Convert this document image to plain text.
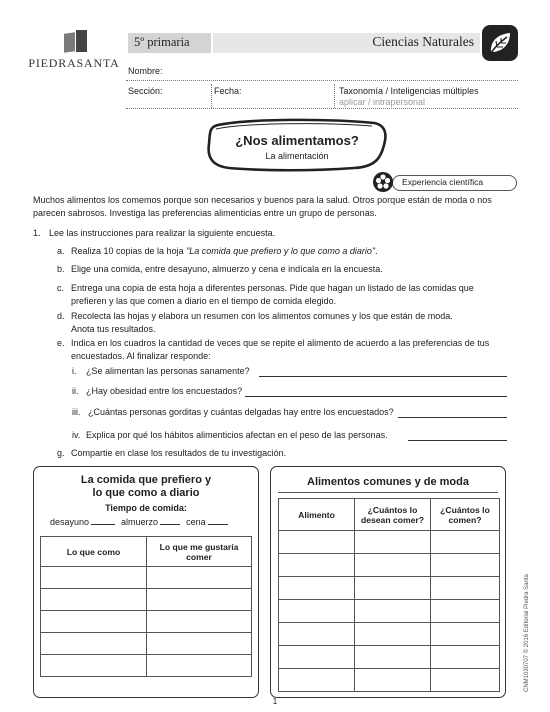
PIEDRASANTA
5º primaria	Ciencias Naturales
Nombre:
Sección:	Fecha:	Taxonomía / Inteligencias múltiples
aplicar / intrapersonal
¿Nos alimentamos?
La alimentación
Experiencia científica
Muchos alimentos los comemos porque son necesarios y buenos para la salud. Otros porque están de moda o nos
parecen sabrosos. Investiga las preferencias alimenticias entre un grupo de personas.
1. Lee las instrucciones para realizar la siguiente encuesta.
a. Realiza 10 copias de la hoja "La comida que prefiero y lo que como a diario".
b. Elige una comida, entre desayuno, almuerzo y cena e indícala en la encuesta.
c. Entrega una copia de esta hoja a diferentes personas. Pide que hagan un listado de las comidas que
prefieren y las que comen a diario en el tiempo de comida elegido.
d. Recolecta las hojas y elabora un resumen con los alimentos comunes y los que están de moda.
Anota tus resultados.
e. Indica en los cuadros la cantidad de veces que se repite el alimento de acuerdo a las preferencias de tus
encuestados. Al finalizar responde:
i. ¿Se alimentan las personas sanamente?
ii. ¿Hay obesidad entre los encuestados?
iii. ¿Cuántas personas gorditas y cuántas delgadas hay entre los encuestados?
iv. Explica por qué los hábitos alimenticios afectan en el peso de las personas.
g. Compartie en clase los resultados de tu investigación.
La comida que prefiero y
lo que como a diario
Tiempo de comida:
desayuno	almuerzo	cena
Lo que como	Lo que me gustaría comer

Alimentos comunes y de moda
Alimento	¿Cuántos lo desean comer?	¿Cuántos lo comen?

CNM1030707 © 2016 Editorial Piedra Santa
1
